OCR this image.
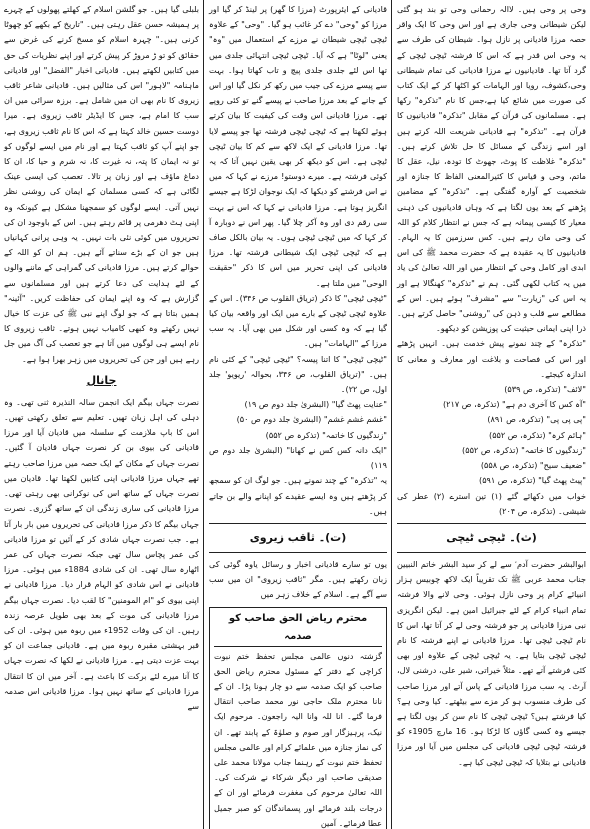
وحی پر وحی ہیں۔ لاالہ رحمانی وحی تو بند ہو گئی لیکن شیطانی وحی جاری ہے اور اس وحی کا ایک واقر حصہ مرزا قادیانی پر نازل ہوا۔ شیطان کی طرف سے یہ وحی اس قدر ہے کہ اس کا فرشتہ ٹیچی ٹیچی کے گرد آتا تھا۔ قادیانیوں نے مرزا قادیانی کی تمام شیطانی وحی،کشوف، رویا اور الہامات کو اکٹھا کر کے ایک کتاب کی صورت میں شائع کیا ہے،جس کا نام "تذکرہ" رکھا ہے۔ مسلمانوں کی قرآن کے مقابل "تذکرہ" قادیانیوں کا قرآن ہے۔ "تذکرہ" ہے قادیانی شریعت اللہ کرتے ہیں اور اسے زندگی کے مسائل کا حل تلاش کرتے ہیں۔ "تذکرہ" غلاظت کا پوٹ، جھوٹ کا تودہ، نیل، عقل کا ماتم، وحی و قیاس کا کثیرالمعنی الفاظ کا جنازہ اور شخصیت کے آوارہ گفتگی ہے۔ "تذکرہ" کے مضامین پڑھنے کے بعد یوں لگتا ہے کہ وہاں قادیانیوں کی ذہنی معیار کا کیسی پیمانہ ہے کہ جس نے انتظار کلام کو اللہ کی وحی مان رہے ہیں۔ کس سرزمین کا یہ الہام۔ قادیانیوں کا یہ عقیدہ ہے کہ حضرت محمد ﷺ کی اس ابدی اور کامل وحی کے انتظار میں اور اللہ تعالیٰ کی یاد میں یہ کتاب لکھی گئی۔ ہم نے "تذکرہ" کھنگالا ہے اور یہ اس کی "زیارت" سے "مشرف" ہوئے ہیں۔ اس کے مطالعے سے قلب و ذہن کی "روشنی" حاصل کرتے ہیں۔ ذرا اپنی ایمانی حیثیت کی پوزیشن کو دیکھو۔

"تذکرہ" کے چند نمونے پیش خدمت ہیں۔ انہیں پڑھئے اور اس کی فصاحت و بلاغت اور معارف و معانی کا اندازہ کیجئے۔

"لائف" (تذکرہ، ص ۵۳۹)
"آہ کس کا آخری دم ہے" (تذکرہ، ص ۲۱۷)
"پی پی پی" (تذکرہ، ص ۸۹۱)
"ہائم کرہ" (تذکرہ، ص ۵۵۲)
"زندگیوں کا خاتمہ" (تذکرہ، ص ۵۵۲)
"ضعیف سیح" (تذکرہ، ص ۵۵۸)
"پیٹ پھٹ گیا" (تذکرہ، ص ۵۹۱)
خواب میں دکھائے گئے (۱) تین استرے (۲) عطر کی شیشی۔ (تذکرہ، ص ۲۰۴)
(ث)۔ ٹیچی ٹیچی

ابوالبشر حضرت آدم ؑ سے لے کر سید البشر خاتم النبیین جناب محمد عربی ﷺ تک تقریباً ایک لاکھ چوبیس ہزار انبیائے کرام پر وحی نازل ہوئی۔ وحی لانے والا فرشتہ تمام انبیاء کرام کے لئے جبرائیل امین ہے۔ لیکن انگریزی نبی مرزا قادیانی پر جو فرشتہ وحی لے کر آتا تھا، اس کا نام ٹیچی ٹیچی تھا۔ مرزا قادیانی نے اپنے فرشتہ کا نام ٹیچی ٹیچی بتایا ہے۔ یہ ٹیچی ٹیچی کے علاوہ اور بھی کئی فرشتے آتے تھے۔ مثلاً خیراتی، شیر علی، درشنی لال، آرٹ۔ یہ سب مرزا قادیانی کے پاس آتے اور مرزا صاحب کی طرف منسوب ہو کر مزے سے بیٹھتے۔ کیا وحی ہے؟ کیا فرشتے ہیں؟ ٹیچی ٹیچی کا نام سن کر یوں لگتا ہے جیسے وہ کسی گاؤں کا لڑکا ہو۔ 16 مارچ 1905ء کو فرشتہ ٹیچی ٹیچی قادیانی کی مجلس میں آیا اور مرزا قادیانی نے بتلایا کہ ٹیچی ٹیچی کیا ہے۔

قادیانی کے ایئرپورٹ (مرزا کا گھر) پر لینڈ کر گیا اور مرزا کو "وحی" دے کر غائب ہو گیا۔ "وحی" کے علاوہ ٹیچی ٹیچی شیطان نے مرزے کے استعمال میں "وہ" یعنی "لوٹا" ہے کہ آیا۔ ٹیچی ٹیچی انتہائی جلدی میں تھا اس لئے جلدی جلدی پیچ و تاب کھاتا ہوا۔ بہت سے پیسے مرزے کی جیب میں رکھ کر نکل گیا اور اس کے جانے کے بعد مرزا صاحب نے پیسے گنے تو کئی روپے تھے۔ مرزا قادیانی اس وقت کی کیفیت کا بیان کرتے ہوئے لکھتا ہے کہ ٹیچی ٹیچی فرشتہ تھا جو پیسے لایا تھا۔ مرزا قادیانی کے ایک لاکھ سے کم کا بیان ٹیچی ٹیچی ہے۔ اس کو دیکھ کر بھی یقین نہیں آتا کہ یہ کوئی فرشتہ ہے۔ میرے دوستو! مرزے نے کہا کہ میں نے اس فرشتے کو دیکھا کہ ایک نوجوان لڑکا ہے جیسے انگریز ہوتا ہے۔ مرزا قادیانی نے کہا کہ اس نے بہت سی رقم دی اور وہ آکر چلا گیا۔ پھر اس نے دوبارہ آ کر کہا کہ میں ٹیچی ٹیچی ہوں۔ یہ بیان بالکل صاف ہے کہ ٹیچی ٹیچی ایک شیطانی فرشتہ تھا۔ مرزا قادیانی کی اپنی تحریر میں اس کا ذکر "حقیقت الوحی" میں ملتا ہے۔

"ٹیچی ٹیچی" کا ذکر (تریاق القلوب ص ۳۴۶)۔ اس کے علاوہ ٹیچی ٹیچی کے بارے میں ایک اور واقعہ بیان کیا گیا ہے کہ وہ کسی اور شکل میں بھی آیا۔ یہ سب مرزا کے "الہامات" ہیں۔

"ٹیچی ٹیچی" کا اتنا پیسہ؟ "ٹیچی ٹیچی" کے کئی نام ہیں۔ "(تریاق القلوب، ص ۳۴۶، بحوالہ 'ریویو' جلد اول، ص ۲۲)۔

"عنایت پھٹ گیا" (البشریٰ جلد دوم ص ۱۹)
"غشم غشم غشم" (البشریٰ جلد دوم ص ۵۰)
"زندگیوں کا خاتمہ" (تذکرہ ص ۵۵۲)
"ایک دانہ کس کس نے کھانا" (البشریٰ جلد دوم ص ۱۱۹)

یہ "تذکرہ" کے چند نمونے ہیں۔ جو لوگ ان کو سمجھ کر پڑھتے ہیں وہ ایسے عقیدے کو اپنانے والے بن جاتے ہیں۔

(ت)۔ ثاقب زیروی

یوں تو سارے قادیانی اخبار و رسائل یاوہ گوئی کی زبان رکھتے ہیں۔ مگر "ثاقب زیروی" ان میں سب سے آگے ہے۔ اسلام کے خلاف زہر میں

محترم ریاض الحق صاحب کو صدمہ

گزشتہ دنوں عالمی مجلس تحفظ ختم نبوت کراچی کے دفتر کے مسئول محترم ریاض الحق صاحب کو ایک صدمہ سے دو چار ہونا پڑا۔ ان کے نانا محترم ملک حاجی نور محمد صاحب انتقال فرما گئے۔ انا للہ وانا الیہ راجعون۔ مرحوم ایک نیک، پرہیزگار اور صوم و صلوٰۃ کے پابند تھے۔ ان کی نماز جنازہ میں علمائے کرام اور عالمی مجلس تحفظ ختم نبوت کے رہنما جناب مولانا محمد علی صدیقی صاحب اور دیگر شرکاء نے شرکت کی۔ اللہ تعالیٰ مرحوم کی مغفرت فرمائے اور ان کے درجات بلند فرمائے اور پسماندگان کو صبر جمیل عطا فرمائے۔ آمین

بلبلی گیا ہیں۔ جو گلشن اسلام کے کھلتے پھولوں کے چہرے پر ہمیشہ حسن عقل رہتی ہیں۔ "تاریخ کے بکھے کو چھوٹا کرنی ہیں۔" چہرہ اسلام کو مسخ کرنے کی غرض سے حقائق کو تو ڑ مروڑ کر پیش کرتے اور اپنے نظریات کی حق میں کتابیں لکھتے ہیں۔ قادیانی اخبار "الفضل" اور قادیانی ماہنامہ "لاہور" اس کی مثالیں ہیں۔ قادیانی شاعر ثاقب زیروی کا نام بھی ان میں شامل ہے۔ برزہ سرائی میں ان سب کا امام ہے، جس کا ایڈیٹر ثاقب زیروی ہے۔ میرا دوست حسین خالد کہتا ہے کہ اس کا نام ثاقب زیروی ہے، جو اپنے آپ کو ثاقب کہتا ہے اور نام میں ایسے لوگوں کو تو نہ ایمان کا پتہ، نہ غیرت کا، نہ شرم و حیا کا، ان کا دماغ ماؤف ہے اور زبان پر تالا۔ تعصب کی ایسی عینک لگائی ہے کہ کسی مسلمان کے ایمان کی روشنی نظر نہیں آتی۔ ایسے لوگوں کو سمجھنا مشکل ہے کیونکہ وہ اپنی ہٹ دھرمی پر قائم رہتے ہیں۔ اس کے باوجود ان کی تحریروں میں کوئی نئی بات نہیں۔ یہ وہی پرانی کہانیاں ہیں جو ان کے بڑے سناتے آئے ہیں۔ ہم ان کو اللہ کے حوالے کرتے ہیں۔ مرزا قادیانی کی گمراہی کے ماننے والوں کے لئے ہدایت کی دعا کرتے ہیں اور مسلمانوں سے گزارش ہے کہ وہ اپنے ایمان کی حفاظت کریں۔ "آئینہ" ہمیں بتاتا ہے کہ جو لوگ اپنے نبی ﷺ کی عزت کا خیال نہیں رکھتے وہ کبھی کامیاب نہیں ہوتے۔ ثاقب زیروی کا نام ایسے ہی لوگوں میں آتا ہے جو تعصب کی آگ میں جل رہے ہیں اور جن کی تحریروں میں زہر بھرا ہوا ہے۔

جانال

نصرت جہاں بیگم ایک انجمن سالہ النذیرہ ثنی تھی۔ وہ دہلی کی اہل زبان تھیں۔ تعلیم سے تعلق رکھتی تھیں۔ اس کا باپ ملازمت کے سلسلہ میں قادیان آیا اور مرزا قادیانی کی بیوی بن کر نصرت جہاں قادیان آ گئیں۔ نصرت جہاں کے مکان کے ایک حصہ میں مرزا صاحب رہتے تھے جہاں مرزا قادیانی اپنی کتابیں لکھتا تھا۔ قادیان میں نصرت جہاں کے ساتھ اس کی نوکرانی بھی رہتی تھی۔ مرزا قادیانی کی ساری زندگی ان کے ساتھ گزری۔ نصرت جہاں بیگم کا ذکر مرزا قادیانی کی تحریروں میں بار بار آتا ہے۔ جب نصرت جہاں شادی کر کے آئیں تو مرزا قادیانی کی عمر پچاس سال تھی جبکہ نصرت جہاں کی عمر اٹھارہ سال تھی۔ ان کی شادی 1884ء میں ہوئی۔ مرزا قادیانی نے اس شادی کو الہام قرار دیا۔ مرزا قادیانی نے اپنی بیوی کو "ام المومنین" کا لقب دیا۔ نصرت جہاں بیگم مرزا قادیانی کی موت کے بعد بھی طویل عرصہ زندہ رہیں۔ ان کی وفات 1952ء میں ربوہ میں ہوئی۔ ان کی قبر بہشتی مقبرہ ربوہ میں ہے۔ قادیانی جماعت ان کو بہت عزت دیتی ہے۔ مرزا قادیانی نے لکھا کہ نصرت جہاں کا آنا میرے لئے برکت کا باعث ہے۔ آخر میں ان کا انتقال مرزا قادیانی کے ساتھ نہیں ہوا۔ مرزا قادیانی اس صدمہ سے
